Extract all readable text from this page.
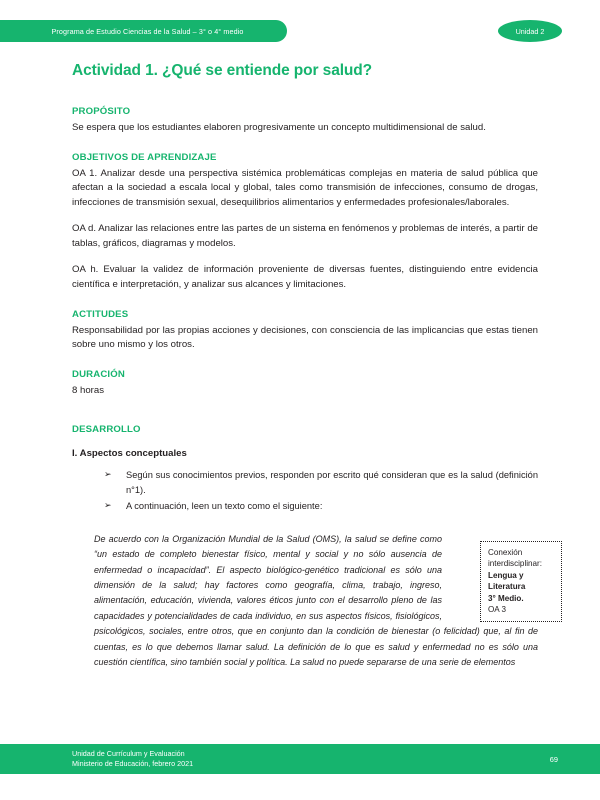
Programa de Estudio Ciencias de la Salud – 3° o 4° medio	Unidad 2
Actividad 1. ¿Qué se entiende por salud?
PROPÓSITO

Se espera que los estudiantes elaboren progresivamente un concepto multidimensional de salud.

OBJETIVOS DE APRENDIZAJE

OA 1. Analizar desde una perspectiva sistémica problemáticas complejas en materia de salud pública que afectan a la sociedad a escala local y global, tales como transmisión de infecciones, consumo de drogas, infecciones de transmisión sexual, desequilibrios alimentarios y enfermedades profesionales/laborales.

OA d. Analizar las relaciones entre las partes de un sistema en fenómenos y problemas de interés, a partir de tablas, gráficos, diagramas y modelos.

OA h. Evaluar la validez de información proveniente de diversas fuentes, distinguiendo entre evidencia científica e interpretación, y analizar sus alcances y limitaciones.

ACTITUDES

Responsabilidad por las propias acciones y decisiones, con consciencia de las implicancias que estas tienen sobre uno mismo y los otros.

DURACIÓN

8 horas

DESARROLLO
I. Aspectos conceptuales
➢ Según sus conocimientos previos, responden por escrito qué consideran que es la salud (definición n°1).
➢ A continuación, leen un texto como el siguiente:
Conexión
interdisciplinar:
Lengua y
Literatura
3° Medio.
OA 3

De acuerdo con la Organización Mundial de la Salud (OMS), la salud se define como “un estado de completo bienestar físico, mental y social y no sólo ausencia de enfermedad o incapacidad”. El aspecto biológico-genético tradicional es sólo una dimensión de la salud; hay factores como geografía, clima, trabajo, ingreso, alimentación, educación, vivienda, valores éticos junto con el desarrollo pleno de las capacidades y potencialidades de cada individuo, en sus aspectos físicos, fisiológicos, psicológicos, sociales, entre otros, que en conjunto dan la condición de bienestar (o felicidad) que, al fin de cuentas, es lo que debemos llamar salud. La definición de lo que es salud y enfermedad no es sólo una cuestión científica, sino también social y política. La salud no puede separarse de una serie de elementos

Unidad de Currículum y Evaluación
Ministerio de Educación, febrero 2021	69
